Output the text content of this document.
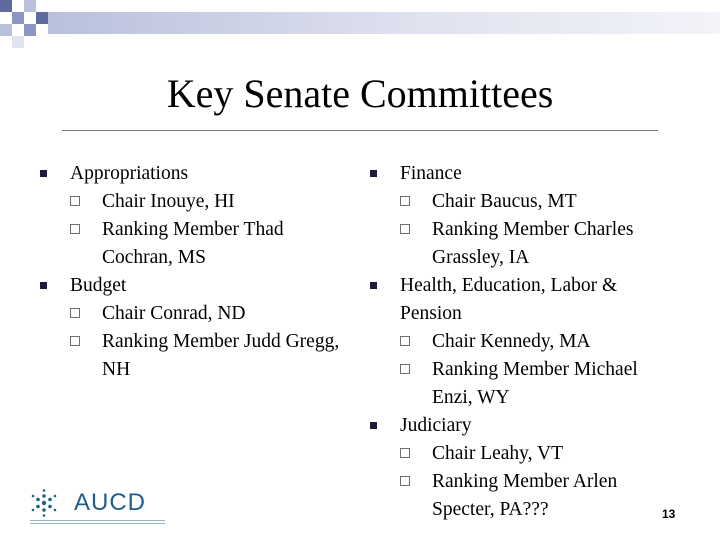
Key Senate Committees
Appropriations
Chair Inouye, HI
Ranking Member Thad Cochran, MS
Budget
Chair Conrad, ND
Ranking Member Judd Gregg, NH
Finance
Chair Baucus, MT
Ranking Member Charles Grassley, IA
Health, Education, Labor & Pension
Chair Kennedy, MA
Ranking Member Michael Enzi, WY
Judiciary
Chair Leahy, VT
Ranking Member Arlen Specter, PA???
AUCD	13
